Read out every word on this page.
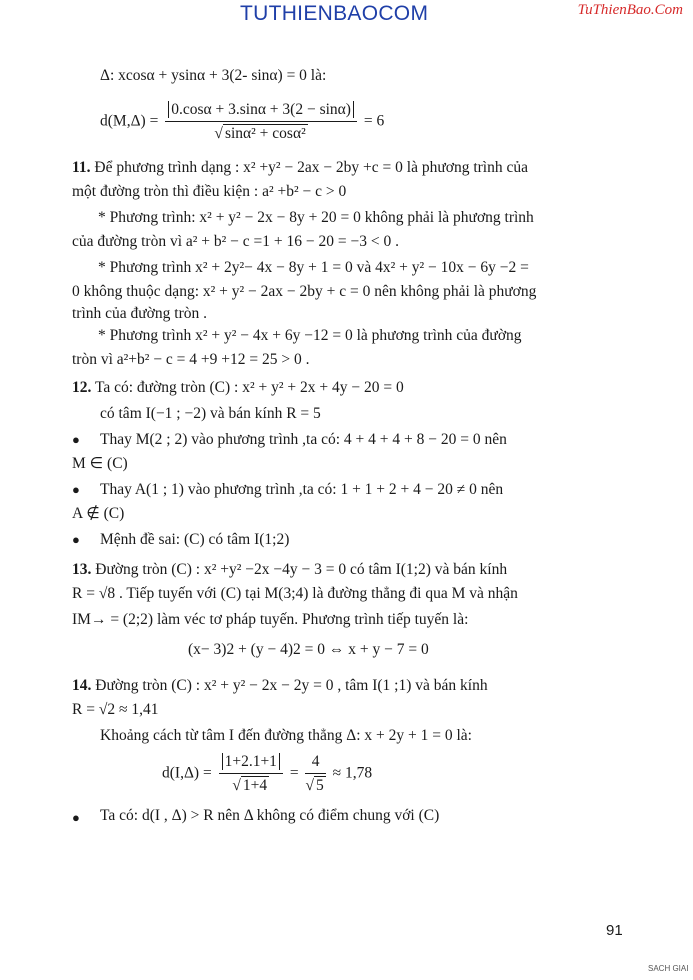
TUTHIENBAOCOM	TuThienBao.Com
Δ: xcosα + ysinα + 3(2- sinα) = 0 là:
$d(M,\Delta) = \frac{0.\cos\alpha + 3.\sin\alpha + 3(2 - \sin\alpha)}{\text{√ sinα² + cosα²}} = 6$
11. Để phương trình dạng : x² +y² − 2ax − 2by +c = 0 là phương trình của
một đường tròn thì điều kiện : a² +b² − c > 0
* Phương trình: x² + y² − 2x − 8y + 20 = 0 không phải là phương trình
của đường tròn vì a² + b² − c =1 + 16 − 20 = −3 < 0 .
* Phương trình x² + 2y²− 4x − 8y + 1 = 0 và 4x² + y² − 10x − 6y −2 =
0 không thuộc dạng: x² + y² − 2ax − 2by + c = 0 nên không phải là phương
trình của đường tròn .
* Phương trình x² + y² − 4x + 6y −12 = 0 là phương trình của đường
tròn vì a²+b² − c = 4 +9 +12 = 25 > 0 .
12. Ta có: đường tròn (C) : x² + y² + 2x + 4y − 20 = 0
có tâm I(−1 ; −2) và bán kính R = 5
● Thay M(2 ; 2) vào phương trình ,ta có: 4 + 4 + 4 + 8 − 20 = 0 nên
M ∈ (C)
● Thay A(1 ; 1) vào phương trình ,ta có: 1 + 1 + 2 + 4 − 20 ≠ 0 nên
A ∉ (C)
● Mệnh đề sai: (C) có tâm I(1;2)
13. Đường tròn (C) : x² +y² −2x −4y − 3 = 0 có tâm I(1;2) và bán kính
R = √8 . Tiếp tuyến với (C) tại M(3;4) là đường thẳng đi qua M và nhận
IM→ = (2;2) làm véc tơ pháp tuyến. Phương trình tiếp tuyến là:
(x− 3)2 + (y − 4)2 = 0 ⇔ x + y − 7 = 0
14. Đường tròn (C) : x² + y² − 2x − 2y = 0 , tâm I(1 ;1) và bán kính
R = √2 ≈ 1,41
Khoảng cách từ tâm I đến đường thẳng Δ: x + 2y + 1 = 0 là:
$d(I,\Delta) = \frac{1+2.1+1}{√ 1+4} = \frac{4}{√ 5} \approx 1,78$
● Ta có: d(I , Δ) > R nên Δ không có điểm chung với (C)
91
SACH GIAI
